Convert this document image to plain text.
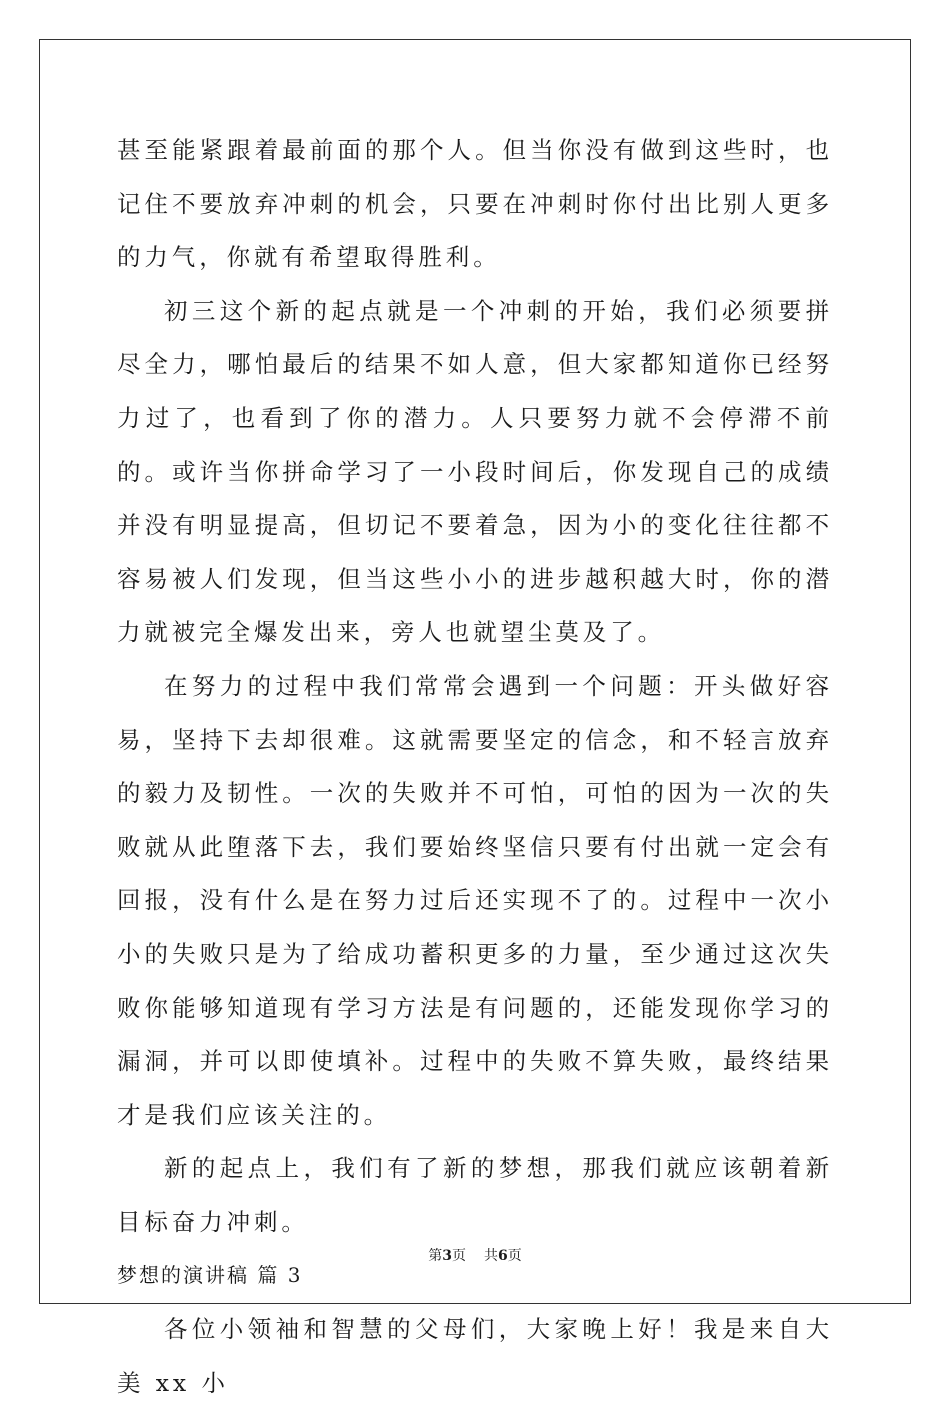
甚至能紧跟着最前面的那个人。但当你没有做到这些时，也记住不要放弃冲刺的机会，只要在冲刺时你付出比别人更多的力气，你就有希望取得胜利。

初三这个新的起点就是一个冲刺的开始，我们必须要拼尽全力，哪怕最后的结果不如人意，但大家都知道你已经努力过了，也看到了你的潜力。人只要努力就不会停滞不前的。或许当你拼命学习了一小段时间后，你发现自己的成绩并没有明显提高，但切记不要着急，因为小的变化往往都不容易被人们发现，但当这些小小的进步越积越大时，你的潜力就被完全爆发出来，旁人也就望尘莫及了。

在努力的过程中我们常常会遇到一个问题：开头做好容易，坚持下去却很难。这就需要坚定的信念，和不轻言放弃的毅力及韧性。一次的失败并不可怕，可怕的因为一次的失败就从此堕落下去，我们要始终坚信只要有付出就一定会有回报，没有什么是在努力过后还实现不了的。过程中一次小小的失败只是为了给成功蓄积更多的力量，至少通过这次失败你能够知道现有学习方法是有问题的，还能发现你学习的漏洞，并可以即使填补。过程中的失败不算失败，最终结果才是我们应该关注的。

新的起点上，我们有了新的梦想，那我们就应该朝着新目标奋力冲刺。

梦想的演讲稿 篇 3

各位小领袖和智慧的父母们，大家晚上好！我是来自大美 xx 小

第3页 共6页
